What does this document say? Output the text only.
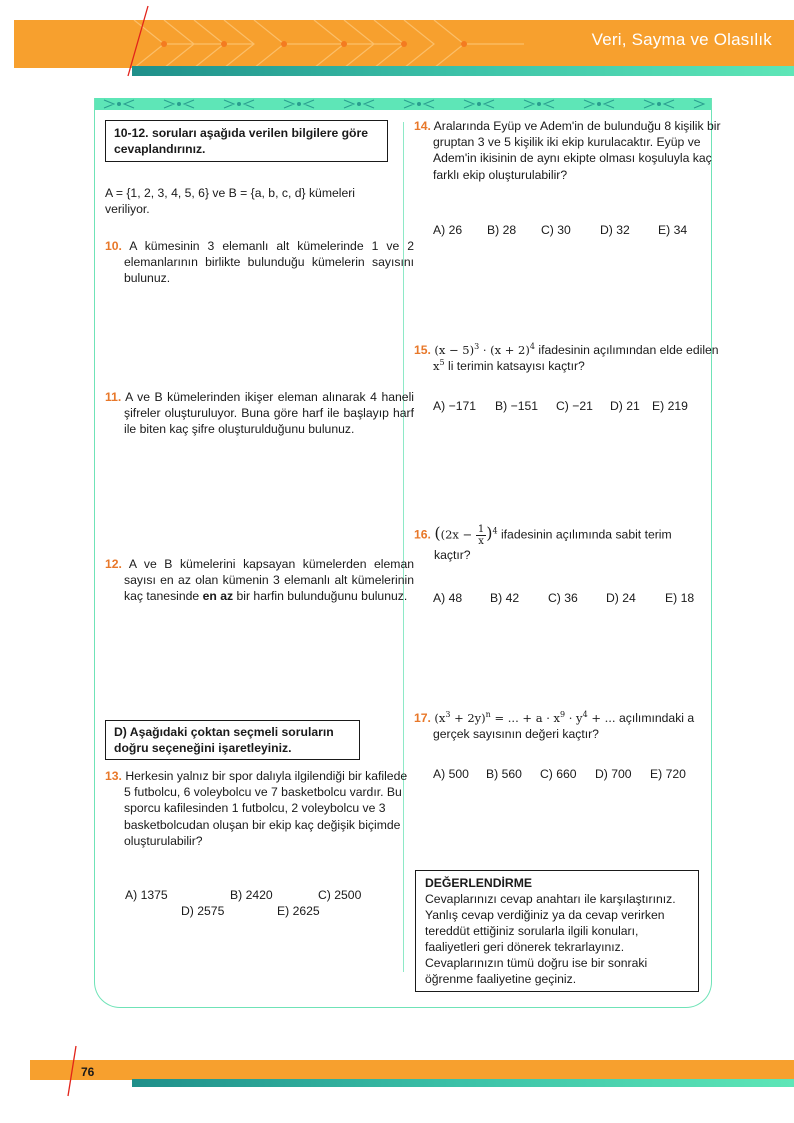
Veri, Sayma ve Olasılık
10-12. soruları aşağıda verilen bilgilere göre cevaplandırınız.
A = {1, 2, 3, 4, 5, 6} ve B = {a, b, c, d} kümeleri veriliyor.
10. A kümesinin 3 elemanlı alt kümelerinde 1 ve 2 elemanlarının birlikte bulunduğu kümelerin sayısını bulunuz.
11. A ve B kümelerinden ikişer eleman alınarak 4 haneli şifreler oluşturuluyor. Buna göre harf ile başlayıp harf ile biten kaç şifre oluşturulduğunu bulunuz.
12. A ve B kümelerini kapsayan kümelerden eleman sayısı en az olan kümenin 3 elemanlı alt kümelerinin kaç tanesinde en az bir harfin bulunduğunu bulunuz.
D) Aşağıdaki çoktan seçmeli soruların doğru seçeneğini işaretleyiniz.
13. Herkesin yalnız bir spor dalıyla ilgilendiği bir kafilede 5 futbolcu, 6 voleybolcu ve 7 basketbolcu vardır. Bu sporcu kafilesinden 1 futbolcu, 2 voleybolcu ve 3 basketbolcudan oluşan bir ekip kaç değişik biçimde oluşturulabilir?
A) 1375	B) 2420	C) 2500
D) 2575	E) 2625
14. Aralarında Eyüp ve Adem'in de bulunduğu 8 kişilik bir gruptan 3 ve 5 kişilik iki ekip kurulacaktır. Eyüp ve Adem'in ikisinin de aynı ekipte olması koşuluyla kaç farklı ekip oluşturulabilir?
A) 26 B) 28 C) 30 D) 32 E) 34
15. $(x - 5)^3 \cdot (x + 2)^4$ ifadesinin açılımından elde edilen $x^5$ li terimin katsayısı kaçtır?
A) −171 B) −151 C) −21 D) 21 E) 219
16. ($(2x - \frac{1}{x} )^4$ ifadesinin açılımında sabit terim
kaçtır?
A) 48 B) 42 C) 36 D) 24 E) 18
17. $(x^3 + 2y)^n$ = ... + $a \cdot x^9 \cdot y^4$ + ... açılımındaki a gerçek sayısının değeri kaçtır?
A) 500 B) 560 C) 660 D) 700 E) 720
DEĞERLENDİRME
Cevaplarınızı cevap anahtarı ile karşılaştırınız. Yanlış cevap verdiğiniz ya da cevap verirken tereddüt ettiğiniz sorularla ilgili konuları, faaliyetleri geri dönerek tekrarlayınız. Cevaplarınızın tümü doğru ise bir sonraki öğrenme faaliyetine geçiniz.
76
